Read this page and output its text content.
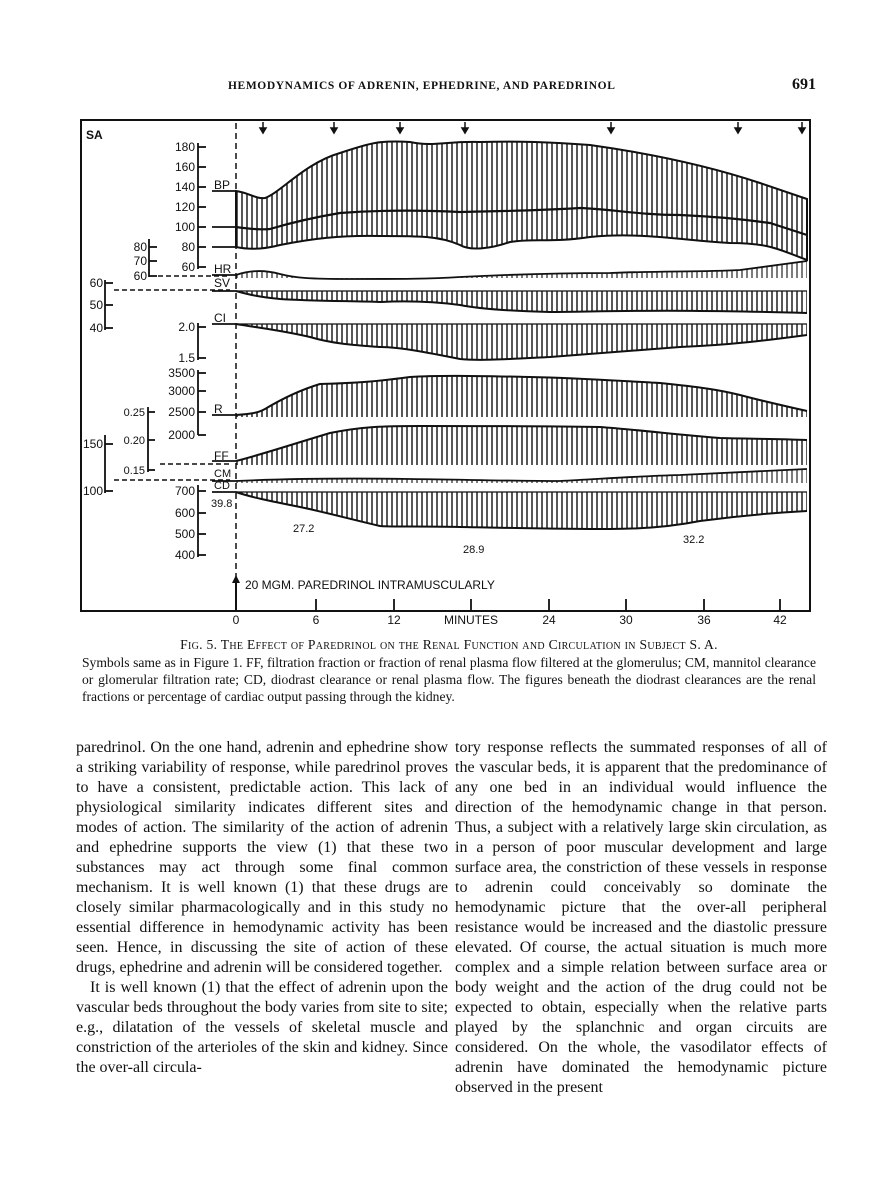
HEMODYNAMICS OF ADRENIN, EPHEDRINE, AND PAREDRINOL	691
SA
180
160
140
120
100
80
60
80
70
60
60
50
40	2.0
1.5
3500
3000
2500
2000
0.25
0.20
0.15
150
100	700
600
500
400
BP
HR
SV
CI
R
FF
CM
CD
39.8
27.2
28.9
32.2
20 MGM. PAREDRINOL INTRAMUSCULARLY
0	6	12	MINUTES	24	30	36	42
Fig. 5. The Effect of Paredrinol on the Renal Function and Circulation in Subject S. A.
Symbols same as in Figure 1. FF, filtration fraction or fraction of renal plasma flow filtered at the glomerulus; CM, mannitol clearance or glomerular filtration rate; CD, diodrast clearance or renal plasma flow. The figures beneath the diodrast clearances are the renal fractions or percentage of cardiac output passing through the kidney.

paredrinol. On the one hand, adrenin and ephedrine show a striking variability of response, while paredrinol proves to have a consistent, predictable action. This lack of physiological similarity indicates different sites and modes of action. The similarity of the action of adrenin and ephedrine supports the view (1) that these two substances may act through some final common mechanism. It is well known (1) that these drugs are closely similar pharmacologically and in this study no essential difference in hemodynamic activity has been seen. Hence, in discussing the site of action of these drugs, ephedrine and adrenin will be considered together.

It is well known (1) that the effect of adrenin upon the vascular beds throughout the body varies from site to site; e.g., dilatation of the vessels of skeletal muscle and constriction of the arterioles of the skin and kidney. Since the over-all circula-

tory response reflects the summated responses of all of the vascular beds, it is apparent that the predominance of any one bed in an individual would influence the direction of the hemodynamic change in that person. Thus, a subject with a relatively large skin circulation, as in a person of poor muscular development and large surface area, the constriction of these vessels in response to adrenin could conceivably so dominate the hemodynamic picture that the over-all peripheral resistance would be increased and the diastolic pressure elevated. Of course, the actual situation is much more complex and a simple relation between surface area or body weight and the action of the drug could not be expected to obtain, especially when the relative parts played by the splanchnic and organ circuits are considered. On the whole, the vasodilator effects of adrenin have dominated the hemodynamic picture observed in the present
